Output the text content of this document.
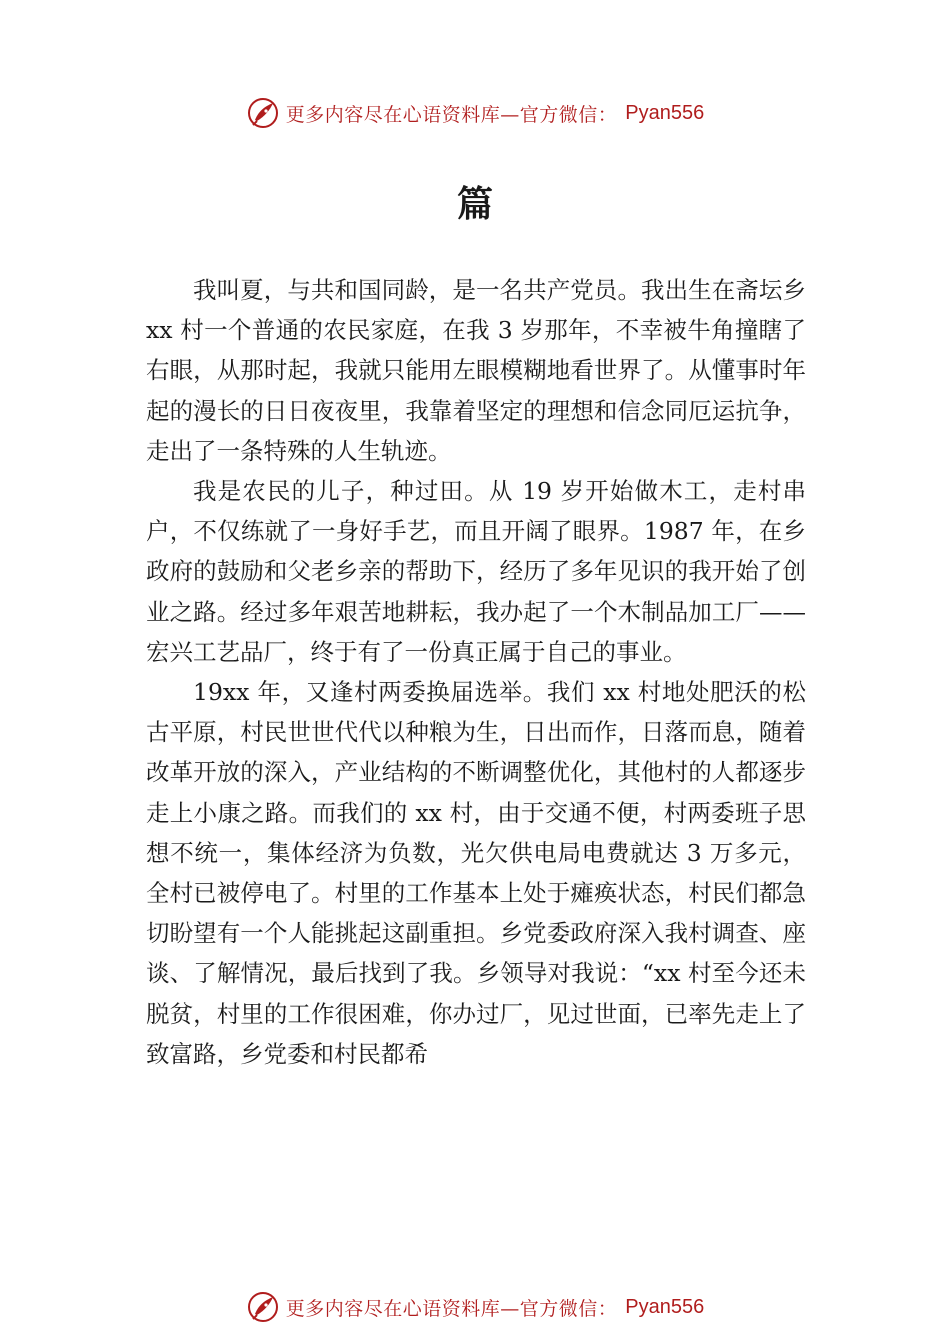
更多内容尽在心语资料库—官方微信： Pyan556
篇

我叫夏，与共和国同龄，是一名共产党员。我出生在斋坛乡 xx 村一个普通的农民家庭，在我 3 岁那年，不幸被牛角撞瞎了右眼，从那时起，我就只能用左眼模糊地看世界了。从懂事时年起的漫长的日日夜夜里，我靠着坚定的理想和信念同厄运抗争，走出了一条特殊的人生轨迹。

我是农民的儿子，种过田。从 19 岁开始做木工，走村串户，不仅练就了一身好手艺，而且开阔了眼界。1987 年，在乡政府的鼓励和父老乡亲的帮助下，经历了多年见识的我开始了创业之路。经过多年艰苦地耕耘，我办起了一个木制品加工厂——宏兴工艺品厂，终于有了一份真正属于自己的事业。

19xx 年，又逢村两委换届选举。我们 xx 村地处肥沃的松古平原，村民世世代代以种粮为生，日出而作，日落而息，随着改革开放的深入，产业结构的不断调整优化，其他村的人都逐步走上小康之路。而我们的 xx 村，由于交通不便，村两委班子思想不统一，集体经济为负数，光欠供电局电费就达 3 万多元，全村已被停电了。村里的工作基本上处于瘫痪状态，村民们都急切盼望有一个人能挑起这副重担。乡党委政府深入我村调查、座谈、了解情况，最后找到了我。乡领导对我说：“xx 村至今还未脱贫，村里的工作很困难，你办过厂，见过世面，已率先走上了致富路，乡党委和村民都希

更多内容尽在心语资料库—官方微信： Pyan556
